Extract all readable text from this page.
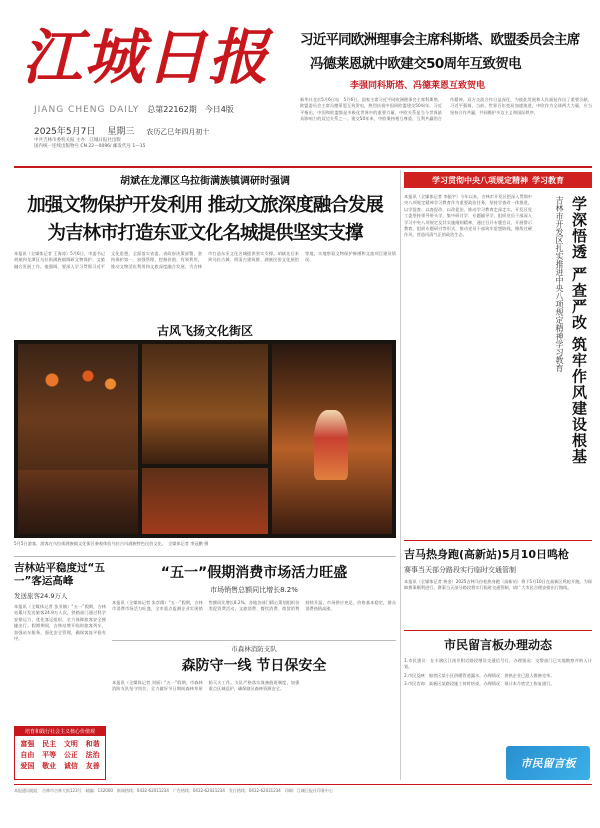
江 城 日 报
JIANG CHENG DAILY 总第22162期 今日4版
2025年5月7日 星期三 农历乙巳年四月初十
中共吉林市委机关报 主办：江城日报社出版
国内统一连续出版物号 CN 22—0096/ 邮发代号 1—15
习近平同欧洲理事会主席科斯塔、欧盟委员会主席
冯德莱恩就中欧建交50周年互致贺电
李强同科斯塔、冯德莱恩互致贺电
新华社北京5月6日电　5月6日，国家主席习近平同欧洲理事会主席科斯塔、欧盟委员会主席冯德莱恩互致贺电，热烈庆祝中国同欧盟建交50周年。习近平指出，中国和欧盟都是多极化世界中的重要力量，中欧关系是当今世界最具影响力的双边关系之一。建交50年来，中欧秉持相互尊重、互利共赢的合作精神，双方交流合作日益深化，为彼此发展和人民福祉作出了重要贡献。习近平强调，当前，世界百年变局加速演进，中欧作为全球两大力量，应当坚持合作共赢，共同维护多边主义和国际秩序。
胡斌在龙潭区乌拉街满族镇调研时强调
加强文物保护开发利用 推动文旅深度融合发展
为吉林市打造东亚文化名城提供坚实支撑
本报讯（全媒体记者 王海涛）5月6日，市委书记胡斌到龙潭区乌拉街满族镇调研文物保护、文旅融合发展工作。他强调，要深入学习贯彻习近平文化思想，全面落实省委、省政府决策部署，坚持保护第一、加强管理、挖掘价值、有效利用，推动文物活化利用和文旅深度融合发展，为吉林市打造东亚文化名城提供坚实支撑。胡斌先后来到乌拉古城、明清古建筑群、满族民俗文化展馆等地，实地察看文物保护修缮和文旅项目建设情况。
古风飞扬文化街区
5月5日游客，游客在乌拉街满族镇文化街区参观体验乌拉古风满族特色民俗文化。　全媒体记者 李冠鹏 摄
学习贯彻中央八项规定精神 学习教育
本报讯（全媒体记者 李振宇）今年以来，吉林市开发区把深入贯彻中央八项规定精神学习教育作为重要政治任务，坚持学查改一体推进，以学促查、以查促改、以改促治，推动学习教育走深走实。开发区党工委坚持领导带头学、集中研讨学、专题辅导学，组织党员干部深入学习中央八项规定及其实施细则精神，通过召开专题会议、开展警示教育、组织专题研讨等形式，推动党员干部筑牢思想防线，锤炼过硬作风，营造风清气正的政治生态。	学深悟透 严查严改 筑牢作风建设根基
吉林市开发区扎实推进中央八项规定精神学习教育
吉马热身跑(高新站)5月10日鸣枪
赛事当天部分路段实行临时交通管制
本报讯（全媒体记者 黄金）2025吉林马拉松热身跑（高新站）将于5月10日在高新区鸣枪开跑。为保障赛事顺利进行，赛事当天部分路段将实行临时交通管制，请广大市民合理安排出行路线。
市民留言板办理动态
1.市民建议：在丰满区江南乡附近路段增设交通信号灯。办理情况：交警部门已实地勘察并纳入计划。
2.市民反映：船营区某小区供暖管道漏水。办理情况：供热企业已派人维修完毕。
3.市民咨询：高新区某路段施工何时结束。办理情况：预计本月底完工恢复通行。
市民留言板
吉林站平稳度过“五一”客运高峰
发送旅客24.9万人
本报讯（全媒体记者 张亚楠）“五一”假期，吉林站累计发送旅客24.9万人次，铁路部门通过科学安排运力、优化客运组织，全力保障旅客安全便捷出行。假期期间，吉林站增开临时旅客列车，加强站车服务，强化安全管理，确保客流平稳有序。
培育和践行社会主义核心价值观
富强	民主	文明	和谐
自由	平等	公正	法治
爱国	敬业	诚信	友善
“五一”假期消费市场活力旺盛
市场销售总额同比增长8.2%
本报讯（全媒体记者 朱彦儒）“五一”假期，吉林市消费市场活力旺盛，全市重点监测企业实现销售额同比增长8.2%。各地各部门精心策划组织各类促消费活动，文旅消费、餐饮消费、商贸消费持续升温，市场供应充足，价格基本稳定，群众消费热情高涨。
市森林消防支队
森防守一线 节日保安全
本报讯（全媒体记者 刘丽）“五一”假期，市森林消防支队坚守岗位，全力做好节日期间森林草原防灭火工作。支队严格落实战备值班制度，加强重点区域巡护，确保辖区森林资源安全。
本报通讯地址：吉林市吉林大街123号　邮编：132000　新闻热线：0432-62011234　广告热线：0432-62021234　发行热线：0432-62031234　印刷：江城日报社印务中心
